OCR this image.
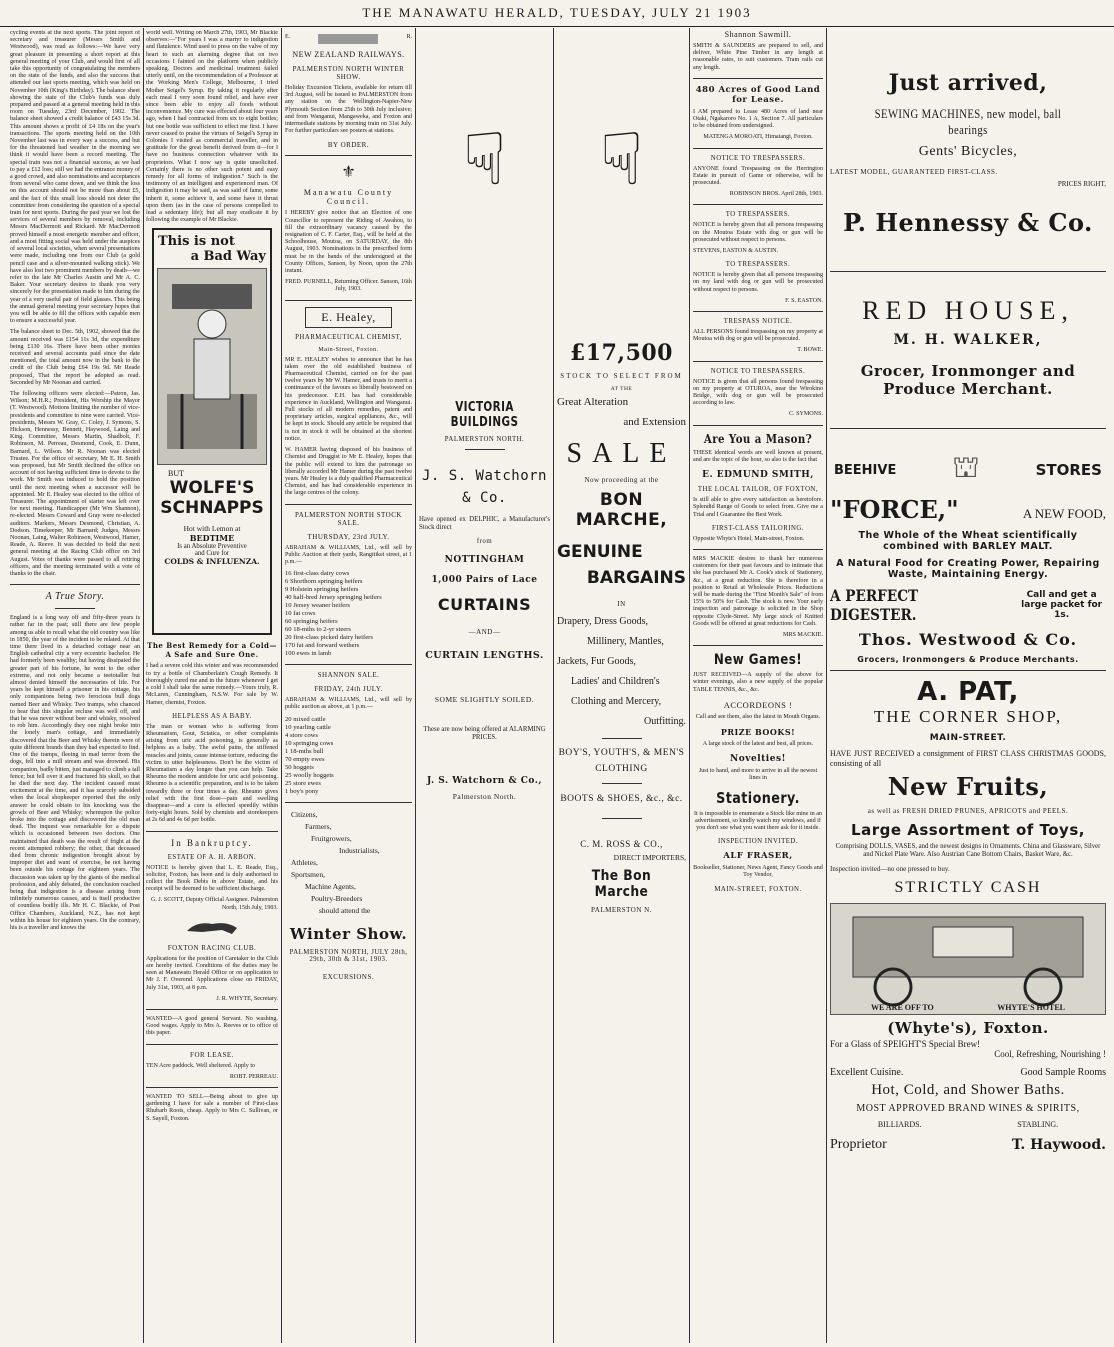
THE MANAWATU HERALD, TUESDAY, JULY 21 1903

cycling events at the next sports. The joint report of secretary and treasurer (Messrs Smith and Westwood), was read as follows:—We have very great pleasure in presenting a short report at this general meeting of your Club, and would first of all take this opportunity of congratulating the members on the state of the funds, and also the success that attended our last sports meeting, which was held on November 10th (King's Birthday). The balance sheet showing the state of the Club's funds was duly prepared and passed at a general meeting held in this room on Tuesday, 23rd December, 1902. The balance sheet showed a credit balance of £43 15s 3d. This amount shows a profit of £4 18s on the year's transactions. The sports meeting held on the 10th November last was in every way a success, and but for the threatened bad weather in the morning we think it would have been a record meeting. The special train was not a financial success, as we had to pay a £12 loss; still we had the entrance money of a good crowd, and also nominations and acceptances from several who came down, and we think the loss on this account should not be more than about £5, and the fact of this small loss should not deter the committee from considering the question of a special train for next sports. During the past year we lost the services of several members by removal, including Messrs MacDermott and Rickard. Mr MacDermott proved himself a most energetic member and officer, and a most fitting social was held under the auspices of several local societies, when several presentations were made, including one from our Club (a gold pencil case and a silver-mounted walking stick). We have also lost two prominent members by death—we refer to the late Mr Charles Austin and Mr A. C. Baker. Your secretary desires to thank you very sincerely for the presentation made to him during the year of a very useful pair of field glasses. This being the annual general meeting your secretary hopes that you will be able to fill the offices with capable men to ensure a successful year.

The balance sheet to Dec. 5th, 1902, showed that the amount received was £154 11s 3d, the expenditure being £130 16s. There have been other monies received and several accounts paid since the date mentioned, the total amount now in the bank to the credit of the Club being £64 19s 9d. Mr Reade proposed, That the report be adopted as read. Seconded by Mr Noonan and carried.

The following officers were elected:—Patron, Jas. Wilson; M.H.R.; President, His Worship the Mayor (T. Westwood). Motions limiting the number of vice-presidents and committee to nine were carried. Vice-presidents, Messrs W. Gray, C. Coley, J. Symons, S. Hickson, Hennessy, Bennett, Haywood, Laing and King. Committee, Messrs Martin, Shadbolt, F. Robinson, M. Perreau, Desmond, Cook, E. Dunn, Barnard, L. Wilson. Mr R. Noonan was elected Trustee. For the office of secretary, Mr E. H. Smith was proposed, but Mr Smith declined the office on account of not having sufficient time to devote to the work. Mr Smith was induced to hold the position until the next meeting when a successor will be appointed. Mr E. Healey was elected to the office of Treasurer. The appointment of starter was left over for next meeting. Handicapper (Mr Wm Shannon), re-elected. Messrs Coward and Gray were re-elected auditors. Markers, Messrs Desmond, Christian, A. Dodson. Timekeeper, Mr Barnard; Judges, Messrs Noonan, Laing, Walter Robinson, Westwood, Hamer, Reade, A. Reeve. It was decided to hold the next general meeting at the Racing Club office on 3rd August. Votes of thanks were passed to all retiring officers, and the meeting terminated with a vote of thanks to the chair.

A True Story.

England is a long way off and fifty-three years is rather far in the past; still there are few people among us able to recall what the old country was like in 1850, the year of the incident to be related. At that time there lived in a detached cottage near an English cathedral city a very eccentric bachelor. He had formerly been wealthy; but having dissipated the greater part of his fortune, he went to the other extreme, and not only became a teetotaller but almost denied himself the necessaries of life. For years he kept himself a prisoner in his cottage, his only companions being two ferocious bull dogs named Beer and Whisky. Two tramps, who chanced to hear that this singular recluse was well off, and that he was never without beer and whisky, resolved to rob him. Accordingly they one night broke into the lonely man's cottage, and immediately discovered that the Beer and Whisky therein were of quite different brands than they had expected to find. One of the tramps, fleeing in mad terror from the dogs, fell into a mill stream and was drowned. His companion, badly bitten, just managed to climb a tall fence; but fell over it and fractured his skull, so that he died the next day. The incident caused must excitement at the time, and it has scarcely subsided when the local shopkeeper reported that the only answer he could obtain to his knocking was the growls of Beer and Whisky; whereupon the police broke into the cottage and discovered the old man dead. The inquest was remarkable for a dispute which is occasioned between two doctors. One maintained that death was the result of fright at the recent attempted robbery; the other, that deceased died from chronic indigestion brought about by improper diet and want of exercise, he not having been outside his cottage for eighteen years. The discussion was taken up by the giants of the medical profession, and ably debated, the conclusion reached being that indigestion is a disease arising from infinitely numerous causes, and is itself productive of countless bodily ills. Mr H. C. Blackie, of Post Office Chambers, Auckland, N.Z., has not kept within his house for eighteen years. On the contrary, his is a traveller and knows the

world well. Writing on March 27th, 1903, Mr Blackie observes:—"For years I was a martyr to indigestion and flatulence. Wind used to press on the valve of my heart to such an alarming degree that on two occasions I fainted on the platform when publicly speaking. Doctors and medicinal treatment failed utterly until, on the recommendation of a Professor at the Working Men's College, Melbourne, I tried Mother Seigel's Syrup. By taking it regularly after each meal I very soon found relief, and have ever since been able to enjoy all foods without inconvenience. My cure was effected about four years ago, when I had contracted from six to eight bottles; but one bottle was sufficient to effect me first. I have never ceased to praise the virtues of Seigel's Syrup in Colonies I visited as commercial traveller, and in gratitude for the great benefit derived from it—for I have no business connection whatever with its proprietors. What I now say is quite unsolicited. Certainly there is no other such potent and easy remedy for all forms of indigestion." Such is the testimony of an intelligent and experienced man. Of indigestion it may be said, as was said of fame, some inherit it, some achieve it, and some have it thrust upon them (as in the case of persons compelled to lead a sedentary life); but all may eradicate it by following the example of Mr Blackie.

This is not
a Bad Way
BUT
WOLFE'S
SCHNAPPS
Hot with Lemon at
BEDTIME
Is an Absolute Preventive
and Cure for
COLDS & INFLUENZA.
The Best Remedy for a Cold—A Safe and Sure One.

I had a severe cold this winter and was recommended to try a bottle of Chamberlain's Cough Remedy. It thoroughly cured me and in the future whenever I get a cold I shall take the same remedy.—Yours truly, R. McLaren, Cunningham, N.S.W. For sale by W. Hamer, chemist, Foxton.

HELPLESS AS A BABY.

The man or woman who is suffering from Rheumatism, Gout, Sciatica, or other complaints arising from uric acid poisoning, is generally as helpless as a baby. The awful pains, the stiffened muscles and joints, cause intense torture, reducing the victim to utter helplessness. Don't be the victim of Rheumatism a day longer than you can help. Take Rheumo the modern antidote for uric acid poisoning. Rheumo is a scientific preparation, and is to be taken inwardly three or four times a day. Rheumo gives relief with the first dose—pain and swelling disappear—and a cure is effected speedily within forty-eight hours. Sold by chemists and storekeepers at 2s 6d and 4s 6d per bottle.

In Bankruptcy.
ESTATE OF A. H. ARBON.

NOTICE is hereby given that L. E. Reade, Esq., solicitor, Foxton, has been and is duly authorised to collect the Book Debts in above Estate, and his receipt will be deemed to be sufficient discharge.

G. J. SCOTT, Deputy Official Assignee. Palmerston North, 15th July, 1903.

FOXTON RACING CLUB.

Applications for the position of Caretaker to the Club are hereby invited. Conditions of the duties may be seen at Manawatu Herald Office or on application to Mr J. F. Overend. Applications close on FRIDAY, July 31st, 1903, at 8 p.m.

J. R. WHYTE, Secretary.

WANTED—A good general Servant. No washing. Good wages. Apply to Mrs A. Reeves or to office of this paper.

FOR LEASE.

TEN Acre paddock. Well sheltered. Apply to

ROBT. PERREAU.

WANTED TO SELL—Being about to give up gardening I have for sale a number of First-class Rhubarb Roots, cheap. Apply to Mrs C. Sullivan, or S. Sayell, Foxton.

E.	R.
NEW ZEALAND RAILWAYS.
PALMERSTON NORTH WINTER SHOW.

Holiday Excursion Tickets, available for return till 3rd August, will be issued to PALMERSTON from any station on the Wellington-Napier-New Plymouth Section from 25th to 30th July inclusive; and from Wanganui, Mangaweka, and Foxton and intermediate stations by morning train on 31st July. For further particulars see posters at stations.

BY ORDER.
⚜
Manawatu County Council.

I HEREBY give notice that an Election of one Councillor to represent the Riding of Awahou, to fill the extraordinary vacancy caused by the resignation of C. F. Carter, Esq., will be held at the Schoolhouse, Moutoa, on SATURDAY, the 8th August, 1903. Nominations in the prescribed form must be in the hands of the undersigned at the County Offices, Sanson, by Noon, upon the 27th instant.

FRED. PURNELL, Returning Officer. Sanson, 16th July, 1903.

E. Healey,
PHARMACEUTICAL CHEMIST,
Main-Street, Foxton.

MR E. HEALEY wishes to announce that he has taken over the old established business of Pharmaceutical Chemist, carried on for the past twelve years by Mr W. Hamer, and trusts to merit a continuance of the favours so liberally bestowed on his predecessor. E.H. has had considerable experience in Auckland, Wellington and Wanganui. Full stocks of all modern remedies, patent and proprietary articles, surgical appliances, &c., will be kept in stock. Should any article be required that is not in stock it will be obtained at the shortest notice.

W. HAMER having disposed of his business of Chemist and Druggist to Mr E. Healey, hopes that the public will extend to him the patronage so liberally accorded Mr Hamer during the past twelve years. Mr Healey is a duly qualified Pharmaceutical Chemist, and has had considerable experience in the large centres of the colony.

PALMERSTON NORTH STOCK SALE.
THURSDAY, 23rd JULY.

ABRAHAM & WILLIAMS, Ltd., will sell by Public Auction at their yards, Rangitikei street, at 1 p.m.—

16 first-class dairy cows
6 Shorthorn springing heifers
9 Holstein springing heifers
40 half-bred Jersey springing heifers
10 Jersey weaner heifers
10 fat cows
60 springing heifers
60 18-mths to 2-yr steers
20 first-class picked dairy heifers
170 fat and forward wethers
100 ewes in lamb
SHANNON SALE.
FRIDAY, 24th JULY.

ABRAHAM & WILLIAMS, Ltd., will sell by public auction as above, at 1 p.m.—

20 mixed cattle
10 yearling cattle
4 store cows
10 springing cows
1 18-mths bull
70 empty ewes
50 hoggets
25 woolly hoggets
25 store ewes
1 boy's pony
Citizens,
Farmers,
Fruitgrowers,
Industrialists,
Athletes,
Sportsmen,
Machine Agents,
Poultry-Breeders
should attend the
Winter Show.
PALMERSTON NORTH, JULY 28th, 29th, 30th & 31st, 1903.
EXCURSIONS.
☟
VICTORIA BUILDINGS
PALMERSTON NORTH.
J. S. Watchorn
& Co.

Have opened ex DELPHIC, a Manufacturer's Stock direct

from
NOTTINGHAM
1,000 Pairs of Lace
CURTAINS
—AND—
CURTAIN LENGTHS.
SOME SLIGHTLY SOILED.

These are now being offered at ALARMING PRICES.

J. S. Watchorn & Co.,
Palmerston North.
☟
£17,500
STOCK TO SELECT FROM
AT THE
Great Alteration
and Extension
SALE
Now proceeding at the
BON MARCHE,
GENUINE
BARGAINS
IN
Drapery, Dress Goods,
Millinery, Mantles,
Jackets, Fur Goods,
Ladies' and Children's
Clothing and Mercery,
Outfitting.
BOY'S, YOUTH'S, & MEN'S CLOTHING
BOOTS & SHOES, &c., &c.
C. M. ROSS & CO.,
DIRECT IMPORTERS,
The Bon Marche
PALMERSTON N.
Shannon Sawmill.

SMITH & SAUNDERS are prepared to sell, and deliver, White Pine Timber in any length at reasonable rates, to suit customers. Tram rails cut any length.

480 Acres of Good Land for Lease.

I AM prepared to Lease 480 Acres of land near Otaki, Ngakaroro No. 1 A, Section 7. All particulars to be obtained from undersigned.

MATENGA MOROATI, Himatangi, Foxton.

NOTICE TO TRESPASSERS.

ANYONE found Trespassing on the Herrington Estate in pursuit of Game or otherwise, will be prosecuted.

ROBINSON BROS. April 28th, 1903.

TO TRESPASSERS.

NOTICE is hereby given that all persons trespassing on the Moutoa Estate with dog or gun will be prosecuted without respect to persons.

STEVENS, EASTON & AUSTIN.

TO TRESPASSERS.

NOTICE is hereby given that all persons trespassing on my land with dog or gun will be prosecuted without respect to persons.

F. S. EASTON.

TRESPASS NOTICE.

ALL PERSONS found trespassing on my property at Moutoa with dog or gun will be prosecuted.

T. BOWE.

NOTICE TO TRESPASSERS.

NOTICE is given that all persons found trespassing on my property at OTUROA, near the Wirokino Bridge, with dog or gun will be prosecuted according to law.

C. SYMONS.

Are You a Mason?

THESE identical words are well known at present, and are the topic of the hour, so also is the fact that

E. EDMUND SMITH,
THE LOCAL TAILOR, OF FOXTON,

Is still able to give every satisfaction as heretofore. Splendid Range of Goods to select from. Give me a Trial and I Guarantee the Best Work.

FIRST-CLASS TAILORING.

Opposite Whyte's Hotel, Main-street, Foxton.

MRS MACKIE desires to thank her numerous customers for their past favours and to intimate that she has purchased Mr A. Cook's stock of Stationery, &c., at a great reduction. She is therefore in a position to Retail at Wholesale Prices. Reductions will be made during the "First Month's Sale" of from 15% to 50% for Cash. The stock is new. Your early inspection and patronage is solicited in the Shop opposite Clyde-Street. My large stock of Knitted Goods will be offered at great reductions for Cash.

MRS MACKIE.

New Games!

JUST RECEIVED—A supply of the above for winter evenings, also a new supply of the popular TABLE TENNIS, &c., &c.

ACCORDEONS !

Call and see them, also the latest in Mouth Organs.

PRIZE BOOKS!

A large stock of the latest and best, all prices.

Novelties!

Just to hand, and more to arrive in all the newest lines in

Stationery.

It is impossible to enumerate a Stock like mine in an advertisement, so kindly watch my windows, and if you don't see what you want there ask for it inside.

INSPECTION INVITED.
ALF FRASER,

Bookseller, Stationer, News Agent, Fancy Goods and Toy Vendor,

MAIN-STREET, FOXTON.
Just arrived,
SEWING MACHINES, new model, ball bearings
Gents' Bicycles,
LATEST MODEL, GUARANTEED FIRST-CLASS.
PRICES RIGHT,
P. Hennessy & Co.
RED HOUSE,
M. H. WALKER,
Grocer, Ironmonger and Produce Merchant.
BEEHIVE ⛫	STORES
"FORCE,"	A NEW FOOD,
The Whole of the Wheat scientifically combined with BARLEY MALT.
A Natural Food for Creating Power, Repairing Waste, Maintaining Energy.
A PERFECT DIGESTER.
Call and get a large packet for 1s.
Thos. Westwood & Co.
Grocers, Ironmongers & Produce Merchants.
A. PAT,
THE CORNER SHOP,
MAIN-STREET.
HAVE JUST RECEIVED a consignment of FIRST CLASS CHRISTMAS GOODS, consisting of all
New Fruits,
as well as FRESH DRIED PRUNES, APRICOTS and PEELS.
Large Assortment of Toys,
Comprising DOLLS, VASES, and the newest designs in Ornaments. China and Glassware, Silver and Nickel Plate Ware. Also Austrian Cane Bottom Chairs, Basket Ware, &c.
Inspection invited—no one pressed to buy.
STRICTLY CASH
WE ARE OFF TO	WHYTE'S HOTEL
(Whyte's), Foxton.
For a Glass of SPEIGHT'S Special Brew!
Cool, Refreshing, Nourishing !
Excellent Cuisine.	Good Sample Rooms
Hot, Cold, and Shower Baths.
MOST APPROVED BRAND WINES & SPIRITS,
BILLIARDS.	STABLING.
Proprietor	T. Haywood.
